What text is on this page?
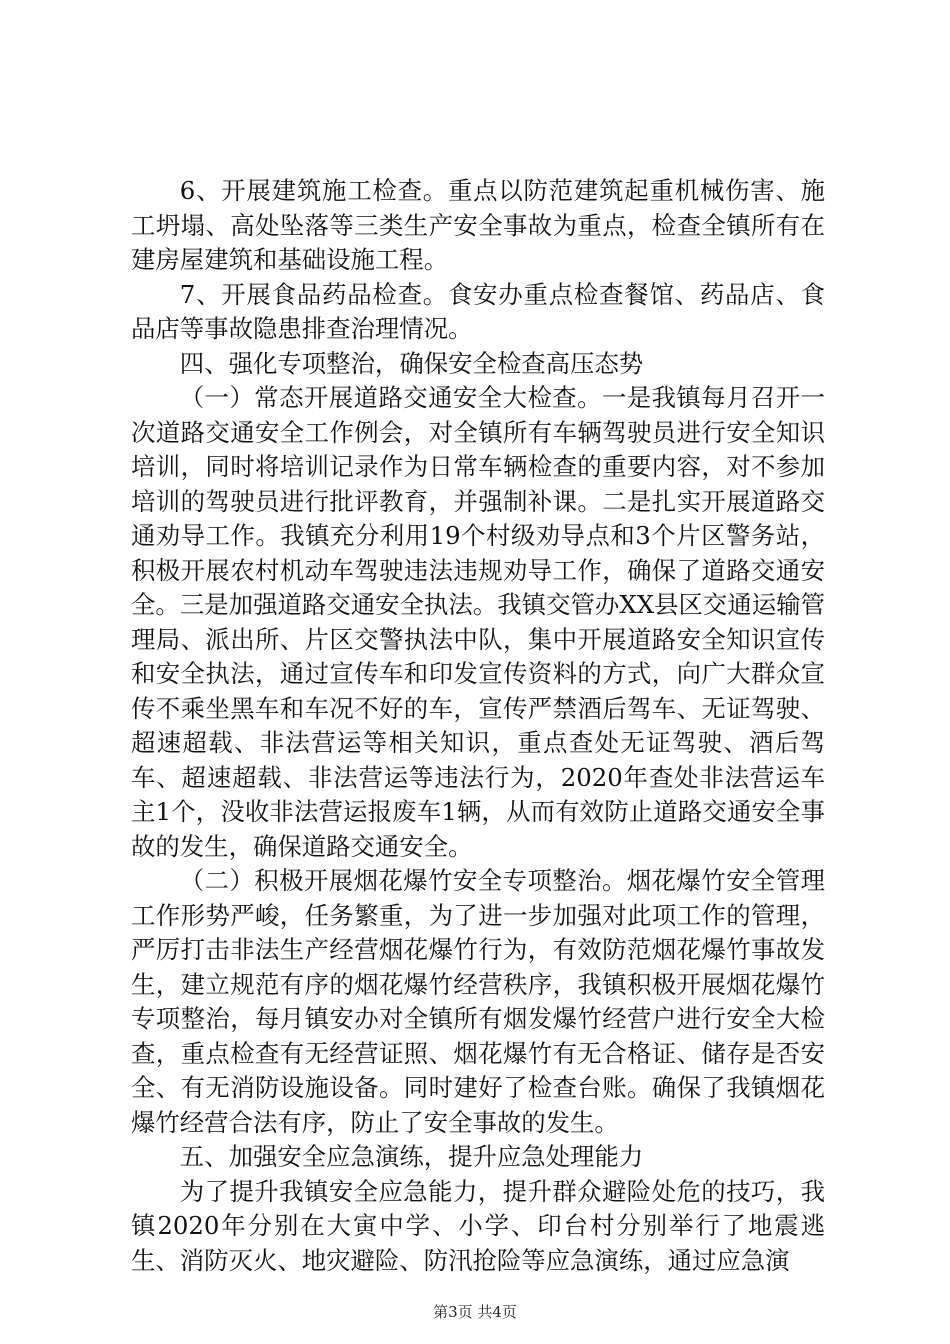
6、开展建筑施工检查。重点以防范建筑起重机械伤害、施工坍塌、高处坠落等三类生产安全事故为重点，检查全镇所有在建房屋建筑和基础设施工程。

7、开展食品药品检查。食安办重点检查餐馆、药品店、食品店等事故隐患排查治理情况。

四、强化专项整治，确保安全检查高压态势

（一）常态开展道路交通安全大检查。一是我镇每月召开一次道路交通安全工作例会，对全镇所有车辆驾驶员进行安全知识培训，同时将培训记录作为日常车辆检查的重要内容，对不参加培训的驾驶员进行批评教育，并强制补课。二是扎实开展道路交通劝导工作。我镇充分利用19个村级劝导点和3个片区警务站，积极开展农村机动车驾驶违法违规劝导工作，确保了道路交通安全。三是加强道路交通安全执法。我镇交管办XX县区交通运输管理局、派出所、片区交警执法中队，集中开展道路安全知识宣传和安全执法，通过宣传车和印发宣传资料的方式，向广大群众宣传不乘坐黑车和车况不好的车，宣传严禁酒后驾车、无证驾驶、超速超载、非法营运等相关知识，重点查处无证驾驶、酒后驾车、超速超载、非法营运等违法行为，2020年查处非法营运车主1个，没收非法营运报废车1辆，从而有效防止道路交通安全事故的发生，确保道路交通安全。

（二）积极开展烟花爆竹安全专项整治。烟花爆竹安全管理工作形势严峻，任务繁重，为了进一步加强对此项工作的管理，严厉打击非法生产经营烟花爆竹行为，有效防范烟花爆竹事故发生，建立规范有序的烟花爆竹经营秩序，我镇积极开展烟花爆竹专项整治，每月镇安办对全镇所有烟发爆竹经营户进行安全大检查，重点检查有无经营证照、烟花爆竹有无合格证、储存是否安全、有无消防设施设备。同时建好了检查台账。确保了我镇烟花爆竹经营合法有序，防止了安全事故的发生。

五、加强安全应急演练，提升应急处理能力

为了提升我镇安全应急能力，提升群众避险处危的技巧，我镇2020年分别在大寅中学、小学、印台村分别举行了地震逃生、消防灭火、地灾避险、防汛抢险等应急演练，通过应急演

第3页 共4页
